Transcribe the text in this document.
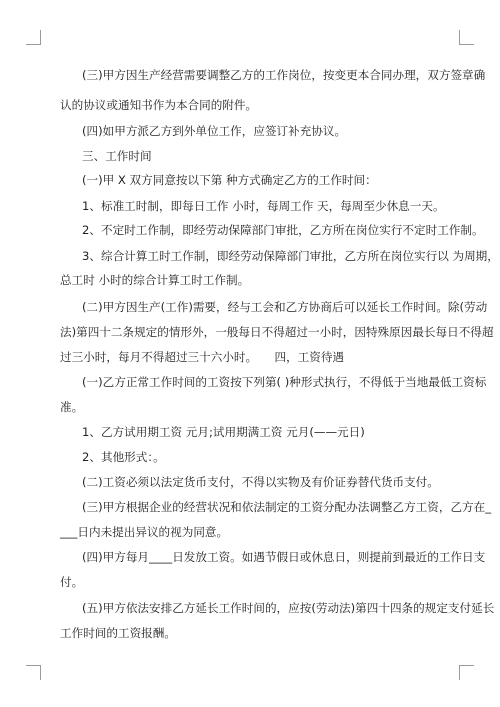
(三)甲方因生产经营需要调整乙方的工作岗位，按变更本合同办理，双方签章确
认的协议或通知书作为本合同的附件。
(四)如甲方派乙方到外单位工作，应签订补充协议。
三、工作时间
(一)甲 X 双方同意按以下第 种方式确定乙方的工作时间：
1、标准工时制，即每日工作 小时，每周工作 天，每周至少休息一天。
2、不定时工作制，即经劳动保障部门审批，乙方所在岗位实行不定时工作制。
3、综合计算工时工作制，即经劳动保障部门审批，乙方所在岗位实行以 为周期，
总工时 小时的综合计算工时工作制。
(二)甲方因生产(工作)需要，经与工会和乙方协商后可以延长工作时间。除(劳动
法)第四十二条规定的情形外，一般每日不得超过一小时，因特殊原因最长每日不得超
过三小时，每月不得超过三十六小时。　　四，工资待遇
(一)乙方正常工作时间的工资按下列第( )种形式执行，不得低于当地最低工资标
准。
1、乙方试用期工资 元月;试用期满工资 元月(——元日)
2、其他形式：。
(二)工资必须以法定货币支付，不得以实物及有价证券替代货币支付。
(三)甲方根据企业的经营状况和依法制定的工资分配办法调整乙方工资，乙方在_
___日内未提出异议的视为同意。
(四)甲方每月____日发放工资。如遇节假日或休息日，则提前到最近的工作日支
付。
(五)甲方依法安排乙方延长工作时间的，应按(劳动法)第四十四条的规定支付延长
工作时间的工资报酬。
